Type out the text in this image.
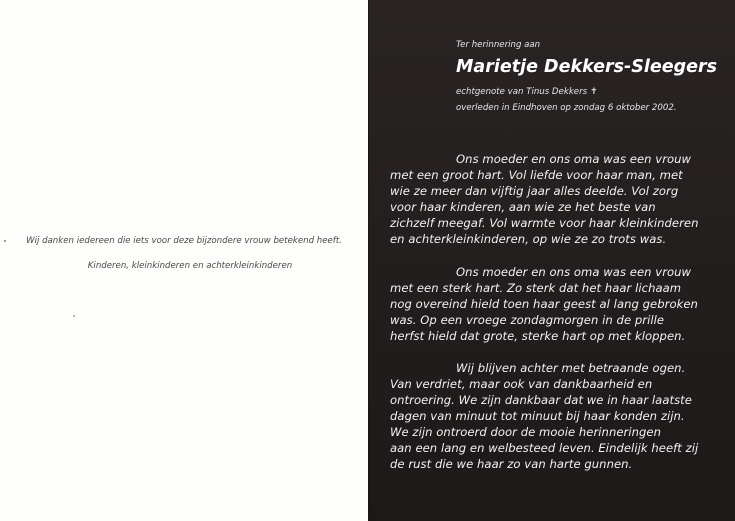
Wij danken iedereen die iets voor deze bijzondere vrouw betekend heeft.
Kinderen, kleinkinderen en achterkleinkinderen
Ter herinnering aan
Marietje Dekkers-Sleegers
echtgenote van Tinus Dekkers ✝
overleden in Eindhoven op zondag 6 oktober 2002.
Ons moeder en ons oma was een vrouw
met een groot hart. Vol liefde voor haar man, met
wie ze meer dan vijftig jaar alles deelde. Vol zorg
voor haar kinderen, aan wie ze het beste van
zichzelf meegaf. Vol warmte voor haar kleinkinderen
en achterkleinkinderen, op wie ze zo trots was.
Ons moeder en ons oma was een vrouw
met een sterk hart. Zo sterk dat het haar lichaam
nog overeind hield toen haar geest al lang gebroken
was. Op een vroege zondagmorgen in de prille
herfst hield dat grote, sterke hart op met kloppen.
Wij blijven achter met betraande ogen.
Van verdriet, maar ook van dankbaarheid en
ontroering. We zijn dankbaar dat we in haar laatste
dagen van minuut tot minuut bij haar konden zijn.
We zijn ontroerd door de mooie herinneringen
aan een lang en welbesteed leven. Eindelijk heeft zij
de rust die we haar zo van harte gunnen.
